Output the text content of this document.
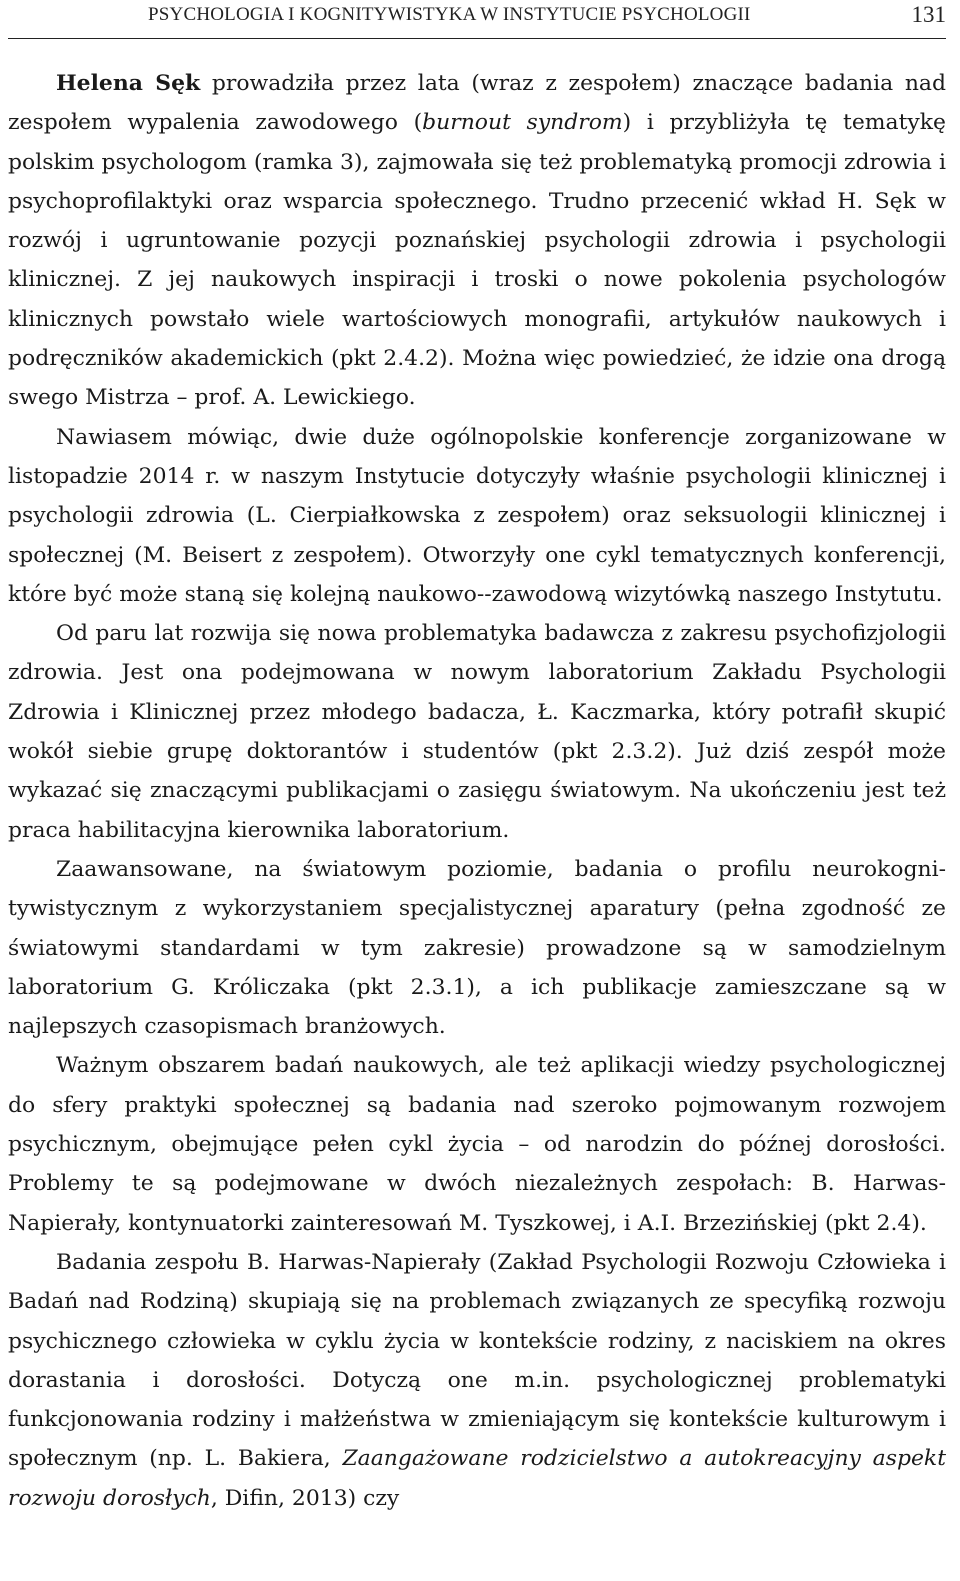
PSYCHOLOGIA I KOGNITYWISTYKA W INSTYTUCIE PSYCHOLOGII	131

Helena Sęk prowadziła przez lata (wraz z zespołem) znaczące badania nad zespołem wypalenia zawodowego (burnout syndrom) i przybliżyła tę tematykę polskim psychologom (ramka 3), zajmowała się też problematyką promocji zdrowia i psychoprofilaktyki oraz wsparcia społecznego. Trudno przecenić wkład H. Sęk w rozwój i ugruntowanie pozycji poznańskiej psychologii zdrowia i psychologii klinicznej. Z jej naukowych inspiracji i troski o nowe pokolenia psychologów klinicznych powstało wiele wartościowych monografii, artykułów naukowych i podręczników akademickich (pkt 2.4.2). Można więc powiedzieć, że idzie ona drogą swego Mistrza – prof. A. Lewickiego.

Nawiasem mówiąc, dwie duże ogólnopolskie konferencje zorganizowane w listopadzie 2014 r. w naszym Instytucie dotyczyły właśnie psychologii klinicznej i psychologii zdrowia (L. Cierpiałkowska z zespołem) oraz seksuologii klinicznej i społecznej (M. Beisert z zespołem). Otworzyły one cykl tematycznych konferencji, które być może staną się kolejną naukowo--zawodową wizytówką naszego Instytutu.

Od paru lat rozwija się nowa problematyka badawcza z zakresu psychofizjologii zdrowia. Jest ona podejmowana w nowym laboratorium Zakładu Psychologii Zdrowia i Klinicznej przez młodego badacza, Ł. Kaczmarka, który potrafił skupić wokół siebie grupę doktorantów i studentów (pkt 2.3.2). Już dziś zespół może wykazać się znaczącymi publikacjami o zasięgu światowym. Na ukończeniu jest też praca habilitacyjna kierownika laboratorium.

Zaawansowane, na światowym poziomie, badania o profilu neurokognitywistycznym z wykorzystaniem specjalistycznej aparatury (pełna zgodność ze światowymi standardami w tym zakresie) prowadzone są w samodzielnym laboratorium G. Króliczaka (pkt 2.3.1), a ich publikacje zamieszczane są w najlepszych czasopismach branżowych.

Ważnym obszarem badań naukowych, ale też aplikacji wiedzy psychologicznej do sfery praktyki społecznej są badania nad szeroko pojmowanym rozwojem psychicznym, obejmujące pełen cykl życia – od narodzin do późnej dorosłości. Problemy te są podejmowane w dwóch niezależnych zespołach: B. Harwas-Napierały, kontynuatorki zainteresowań M. Tyszkowej, i A.I. Brzezińskiej (pkt 2.4).

Badania zespołu B. Harwas-Napierały (Zakład Psychologii Rozwoju Człowieka i Badań nad Rodziną) skupiają się na problemach związanych ze specyfiką rozwoju psychicznego człowieka w cyklu życia w kontekście rodziny, z naciskiem na okres dorastania i dorosłości. Dotyczą one m.in. psychologicznej problematyki funkcjonowania rodziny i małżeństwa w zmieniającym się kontekście kulturowym i społecznym (np. L. Bakiera, Zaangażowane rodzicielstwo a autokreacyjny aspekt rozwoju dorosłych, Difin, 2013) czy
